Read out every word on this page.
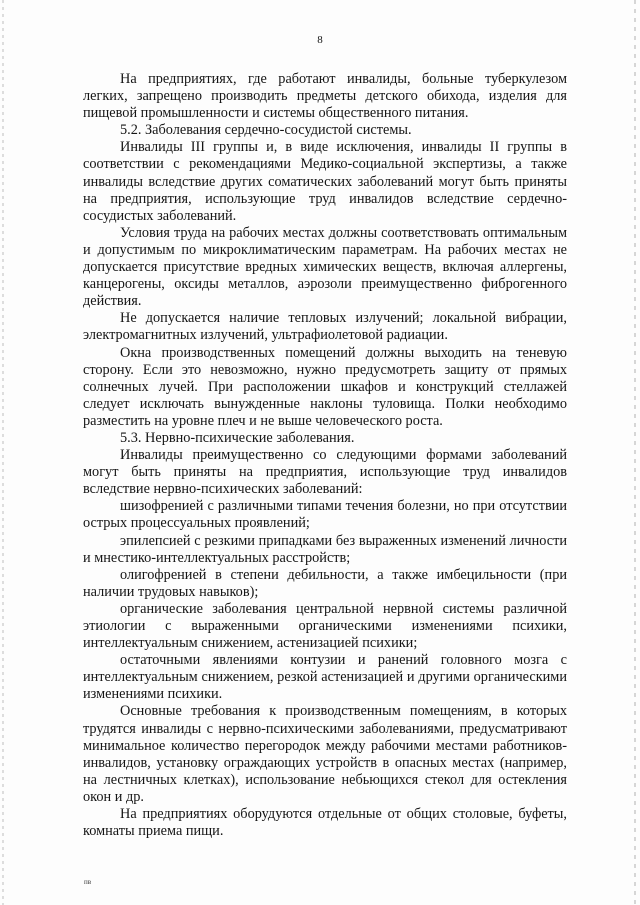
8

На предприятиях, где работают инвалиды, больные туберкулезом легких, запрещено производить предметы детского обихода, изделия для пищевой промышленности и системы общественного питания.

5.2. Заболевания сердечно-сосудистой системы.

Инвалиды III группы и, в виде исключения, инвалиды II группы в соответствии с рекомендациями Медико-социальной экспертизы, а также инвалиды вследствие других соматических заболеваний могут быть приняты на предприятия, использующие труд инвалидов вследствие сердечно-сосудистых заболеваний.

Условия труда на рабочих местах должны соответствовать оптимальным и допустимым по микроклиматическим параметрам. На рабочих местах не допускается присутствие вредных химических веществ, включая аллергены, канцерогены, оксиды металлов, аэрозоли преимущественно фиброгенного действия.

Не допускается наличие тепловых излучений; локальной вибрации, электромагнитных излучений, ультрафиолетовой радиации.

Окна производственных помещений должны выходить на теневую сторону. Если это невозможно, нужно предусмотреть защиту от прямых солнечных лучей. При расположении шкафов и конструкций стеллажей следует исключать вынужденные наклоны туловища. Полки необходимо разместить на уровне плеч и не выше человеческого роста.

5.3. Нервно-психические заболевания.

Инвалиды преимущественно со следующими формами заболеваний могут быть приняты на предприятия, использующие труд инвалидов вследствие нервно-психических заболеваний:

шизофренией с различными типами течения болезни, но при отсутствии острых процессуальных проявлений;

эпилепсией с резкими припадками без выраженных изменений личности и мнестико-интеллектуальных расстройств;

олигофренией в степени дебильности, а также имбецильности (при наличии трудовых навыков);

органические заболевания центральной нервной системы различной этиологии с выраженными органическими изменениями психики, интеллектуальным снижением, астенизацией психики;

остаточными явлениями контузии и ранений головного мозга с интеллектуальным снижением, резкой астенизацией и другими органическими изменениями психики.

Основные требования к производственным помещениям, в которых трудятся инвалиды с нервно-психическими заболеваниями, предусматривают минимальное количество перегородок между рабочими местами работников-инвалидов, установку ограждающих устройств в опасных местах (например, на лестничных клетках), использование небьющихся стекол для остекления окон и др.

На предприятиях оборудуются отдельные от общих столовые, буфеты, комнаты приема пищи.

пв
